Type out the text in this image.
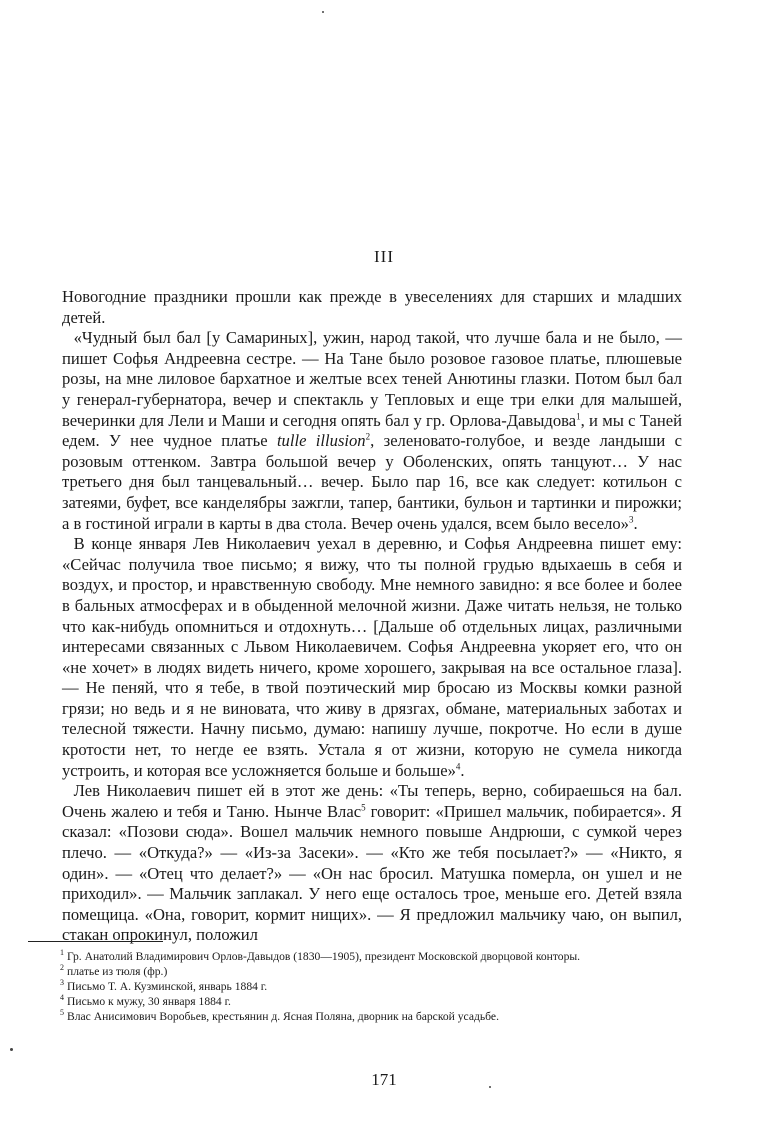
III

Новогодние праздники прошли как прежде в увеселениях для старших и младших детей.

«Чудный был бал [у Самариных], ужин, народ такой, что лучше бала и не было, — пишет Софья Андреевна сестре. — На Тане было розовое газовое платье, плюшевые розы, на мне лиловое бархатное и желтые всех теней Анютины глазки. Потом был бал у генерал-губернатора, вечер и спектакль у Тепловых и еще три елки для малышей, вечеринки для Лели и Маши и сегодня опять бал у гр. Орлова-Давыдова$^1$, и мы с Таней едем. У нее чудное платье tulle illusion$^2$, зеленовато-голубое, и везде ландыши с розовым оттенком. Завтра большой вечер у Оболенских, опять танцуют… У нас третьего дня был танцевальный… вечер. Было пар 16, все как следует: котильон с затеями, буфет, все канделябры зажгли, тапер, бантики, бульон и тартинки и пирожки; а в гостиной играли в карты в два стола. Вечер очень удался, всем было весело»$^3$.

В конце января Лев Николаевич уехал в деревню, и Софья Андреевна пишет ему: «Сейчас получила твое письмо; я вижу, что ты полной грудью вдыхаешь в себя и воздух, и простор, и нравственную свободу. Мне немного завидно: я все более и более в бальных атмосферах и в обыденной мелочной жизни. Даже читать нельзя, не только что как-нибудь опомниться и отдохнуть… [Дальше об отдельных лицах, различными интересами связанных с Львом Николаевичем. Софья Андреевна укоряет его, что он «не хочет» в людях видеть ничего, кроме хорошего, закрывая на все остальное глаза]. — Не пеняй, что я тебе, в твой поэтический мир бросаю из Москвы комки разной грязи; но ведь и я не виновата, что живу в дрязгах, обмане, материальных заботах и телесной тяжести. Начну письмо, думаю: напишу лучше, покротче. Но если в душе кротости нет, то негде ее взять. Устала я от жизни, которую не сумела никогда устроить, и которая все усложняется больше и больше»$^4$.

Лев Николаевич пишет ей в этот же день: «Ты теперь, верно, собираешься на бал. Очень жалею и тебя и Таню. Нынче Влас$^5$ говорит: «Пришел мальчик, побирается». Я сказал: «Позови сюда». Вошел мальчик немного повыше Андрюши, с сумкой через плечо. — «Откуда?» — «Из-за Засеки». — «Кто же тебя посылает?» — «Никто, я один». — «Отец что делает?» — «Он нас бросил. Матушка померла, он ушел и не приходил». — Мальчик заплакал. У него еще осталось трое, меньше его. Детей взяла помещица. «Она, говорит, кормит нищих». — Я предложил мальчику чаю, он выпил, стакан опрокинул, положил

$^1$ Гр. Анатолий Владимирович Орлов-Давыдов (1830—1905), президент Московской дворцовой конторы.

$^2$ платье из тюля (фр.)

$^3$ Письмо Т. А. Кузминской, январь 1884 г.

$^4$ Письмо к мужу, 30 января 1884 г.

$^5$ Влас Анисимович Воробьев, крестьянин д. Ясная Поляна, дворник на барской усадьбе.

171
